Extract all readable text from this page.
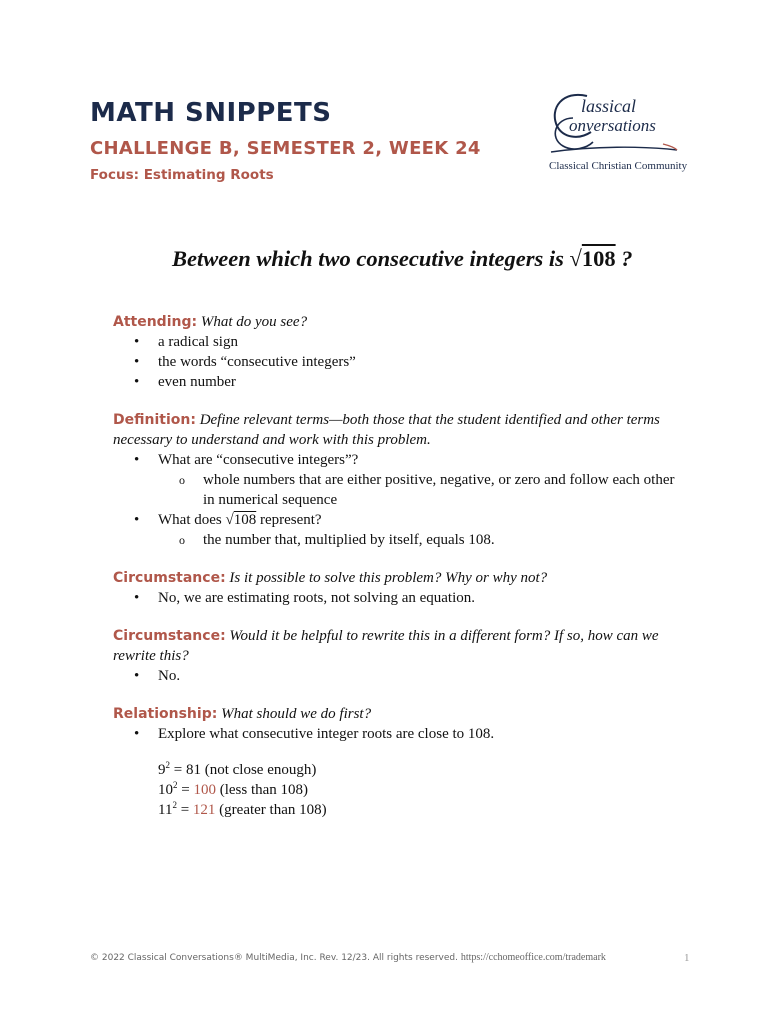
MATH SNIPPETS
CHALLENGE B, SEMESTER 2, WEEK 24
Focus: Estimating Roots
lassical
onversations
Classical Christian Community
Between which two consecutive integers is √108 ?
Attending: What do you see?
• a radical sign
• the words “consecutive integers”
• even number
Definition: Define relevant terms—both those that the student identified and other terms necessary to understand and work with this problem.
• What are “consecutive integers”?
o whole numbers that are either positive, negative, or zero and follow each other in numerical sequence
• What does √108 represent?
o the number that, multiplied by itself, equals 108.
Circumstance: Is it possible to solve this problem? Why or why not?
• No, we are estimating roots, not solving an equation.
Circumstance: Would it be helpful to rewrite this in a different form? If so, how can we rewrite this?
• No.
Relationship: What should we do first?
• Explore what consecutive integer roots are close to 108.
$9^2 = 81$ (not close enough)
$10^2 = 100$ (less than 108)
$11^2 = 121$ (greater than 108)
© 2022 Classical Conversations® MultiMedia, Inc. Rev. 12/23. All rights reserved. https://cchomeoffice.com/trademark	1
